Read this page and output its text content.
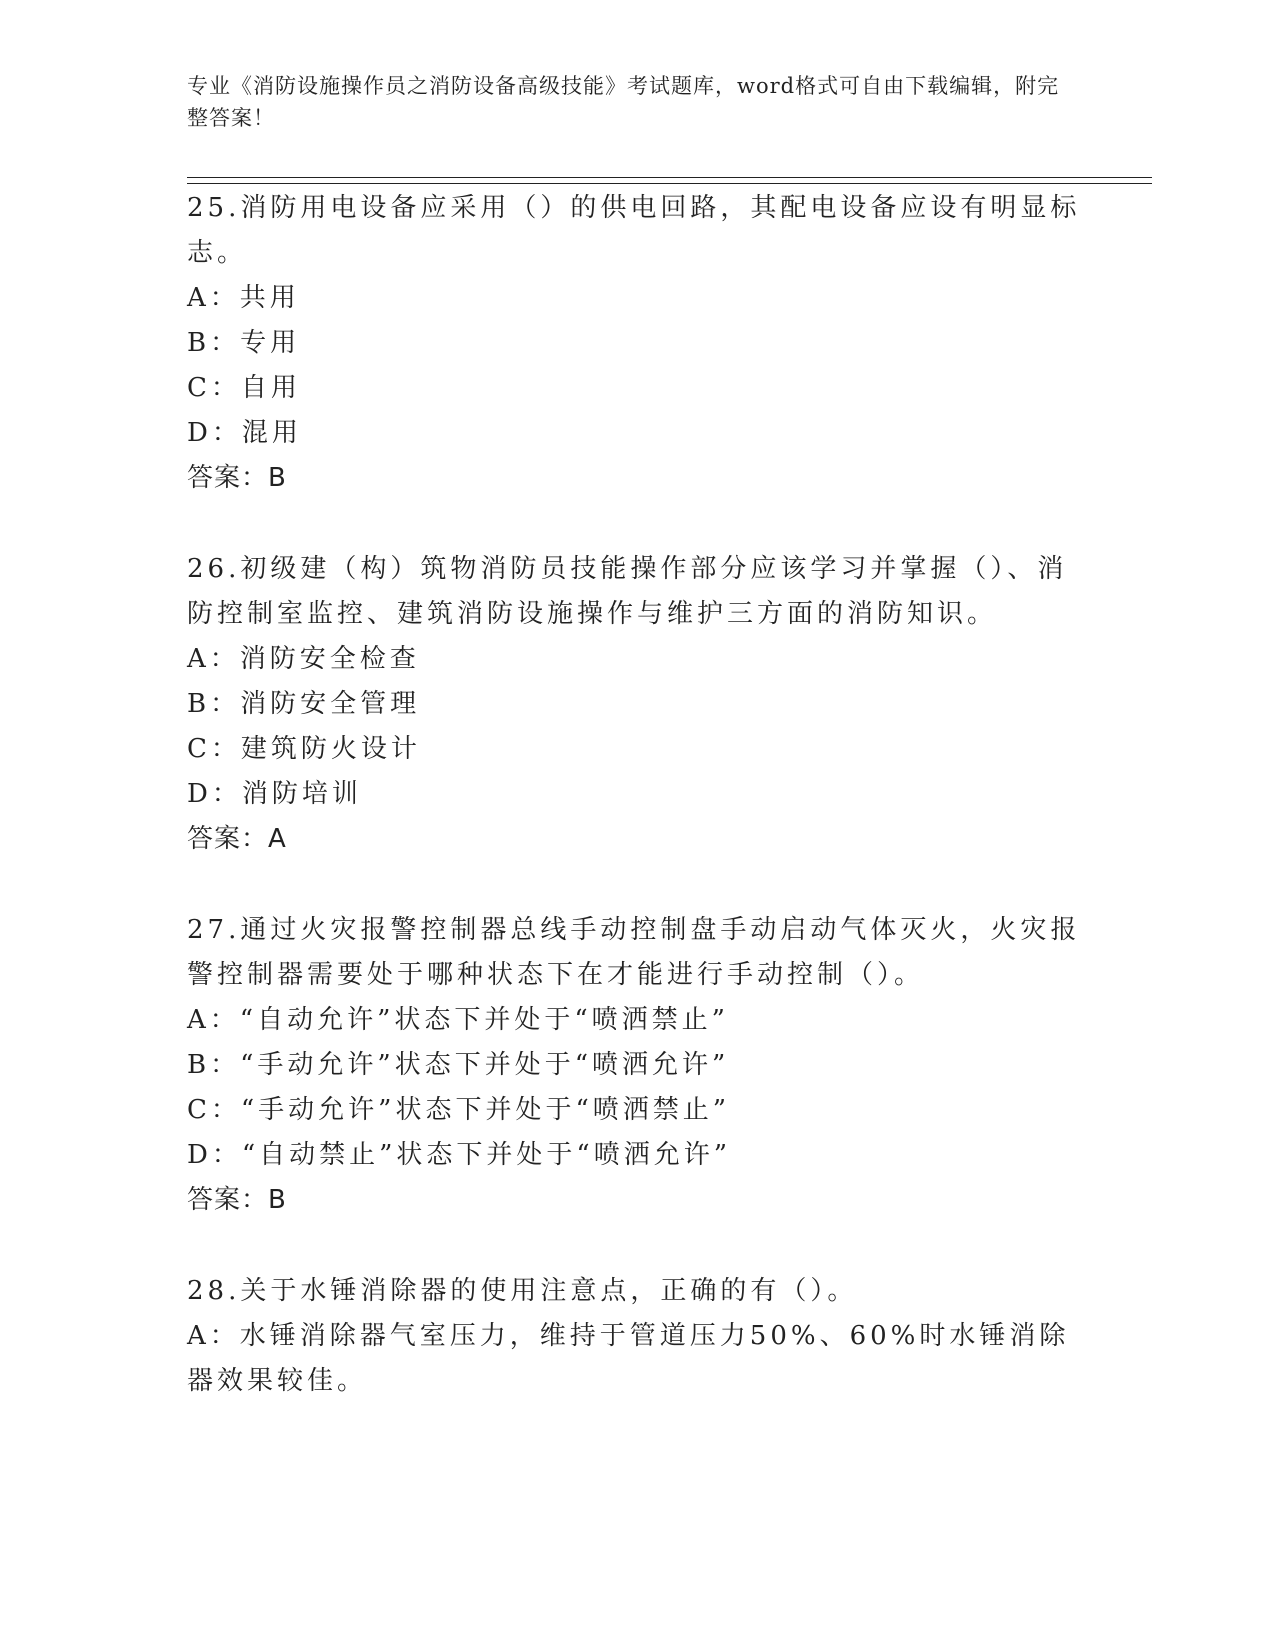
专业《消防设施操作员之消防设备高级技能》考试题库，word格式可自由下载编辑，附完整答案！
25.消防用电设备应采用（）的供电回路，其配电设备应设有明显标志。
A：共用
B：专用
C：自用
D：混用
答案：B
26.初级建（构）筑物消防员技能操作部分应该学习并掌握（）、消防控制室监控、建筑消防设施操作与维护三方面的消防知识。
A：消防安全检查
B：消防安全管理
C：建筑防火设计
D：消防培训
答案：A
27.通过火灾报警控制器总线手动控制盘手动启动气体灭火，火灾报警控制器需要处于哪种状态下在才能进行手动控制（）。
A：“自动允许”状态下并处于“喷洒禁止”
B：“手动允许”状态下并处于“喷洒允许”
C：“手动允许”状态下并处于“喷洒禁止”
D：“自动禁止”状态下并处于“喷洒允许”
答案：B
28.关于水锤消除器的使用注意点，正确的有（）。
A：水锤消除器气室压力，维持于管道压力50%、60%时水锤消除器效果较佳。
